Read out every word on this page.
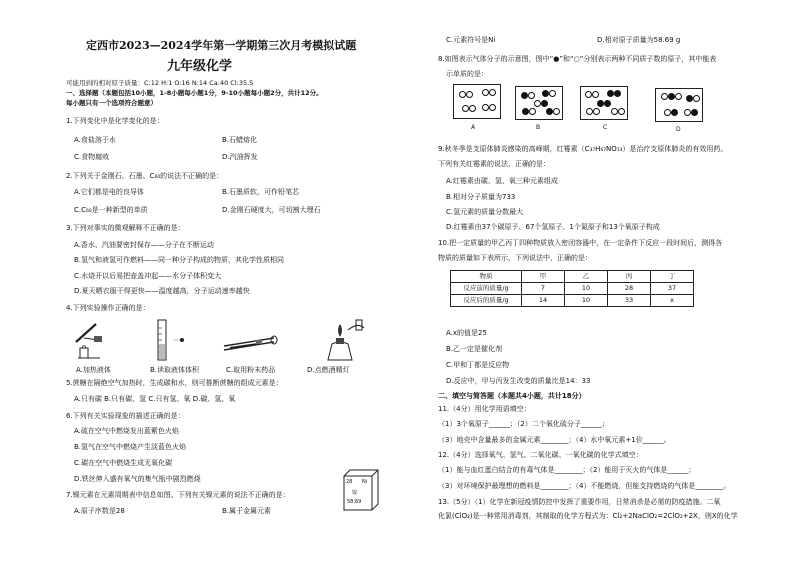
定西市2023—2024学年第一学期第三次月考模拟试题
九年级化学
可能用到的相对原子质量：C:12 H:1 O:16 N:14 Ca:40 Cl:35.5
一、选择题（本题包括10小题，1-8小题每小题1分，9-10小题每小题2分，共计12分。
每小题只有一个选项符合题意）
1.下列变化中是化学变化的是：
A.食盐溶于水	B.石蜡熔化
C.食物腐败	D.汽油挥发
2.下列关于金刚石、石墨、C₆₀的说法不正确的是：
A.它们都是电的良导体	B.石墨质软，可作铅笔芯
C.C₆₀是一种新型的单质	D.金刚石硬度大，可切割大理石
3.下列对事实的微观解释不正确的是：
A.香水、汽油要密封保存——分子在不断运动
B.氢气和液氢可作燃料——同一种分子构成的物质，其化学性质相同
C.水烧开以后易把壶盖冲起——水分子体积变大
D.夏天晒衣服干得更快——温度越高，分子运动速率越快
4.下列实验操作正确的是：
A.加热液体	B.读取液体体积	C.取用粉末药品	D.点燃酒精灯
5.蔗糖在隔绝空气加热时，生成碳和水，则可推断蔗糖的组成元素是：
A.只有碳 B.只有碳、氢 C.只有氢、氧 D.碳、氢、氧
6.下列有关实验现象的描述正确的是：
A.硫在空气中燃烧发出蓝紫色火焰
B.氢气在空气中燃烧产生淡蓝色火焰
C.碳在空气中燃烧生成无氧化碳
D.铁丝伸入盛有氧气的集气瓶中剧烈燃烧
7.镍元素在元素周期表中信息如图。下列有关镍元素的说法不正确的是：
A.原子序数是28	B.属于金属元素
28 Ni
镍
58.69
C.元素符号是Ni	D.相对原子质量为58.69 g
8.如图表示气体分子的示意图，图中“●”和“○”分别表示两种不同质子数的原子，其中能表
示单质的是：
A	B	C	D
9.秋冬季是支原体肺炎感染的高峰期，红霉素（C₃₇H₆₇NO₁₃）是治疗支原体肺炎的有效用药。
下列有关红霉素的说法，正确的是：
A.红霉素由碳、氢、氧三种元素组成
B.相对分子质量为733
C.氢元素的质量分数最大
D.红霉素由37个碳原子、67个氢原子、1个氮原子和13个氧原子构成
10.把一定质量的甲乙丙丁四种物质放入密闭容器中，在一定条件下反应一段时间后，测得各
物质的质量如下表所示，下列说法中，正确的是：
物质	甲	乙	丙	丁
反应前的质量/g	7	10	28	37
反应后的质量/g	14	10	33	x
A.x的值是25
B.乙一定是催化剂
C.甲和丁都是反应物
D.反应中，甲与丙发生改变的质量比是14：33
二、填空与简答题（本题共4小题，共计18分）
11.（4分）用化学用语填空：
（1）3个氧原子______；（2）二个氧化硫分子______；
（3）地壳中含量最多的金属元素________；（4）水中氧元素+1价______。
12.（4分）选择氧气、氢气、二氧化碳、一氧化碳的化学式填空：
（1）能与血红蛋白结合的有毒气体是________；（2）能用于灭火的气体是______；
（3）对环境保护最理想的燃料是________；（4）不能燃烧，但能支持燃烧的气体是________。
13.（5分）（1）化学在新冠疫情防控中发挥了重要作用，日常消杀是必需的防疫措施。二氧
化氯(ClO₂)是一种常用消毒剂，其制取的化学方程式为：Cl₂+2NaClO₂=2ClO₂+2X，则X的化学
